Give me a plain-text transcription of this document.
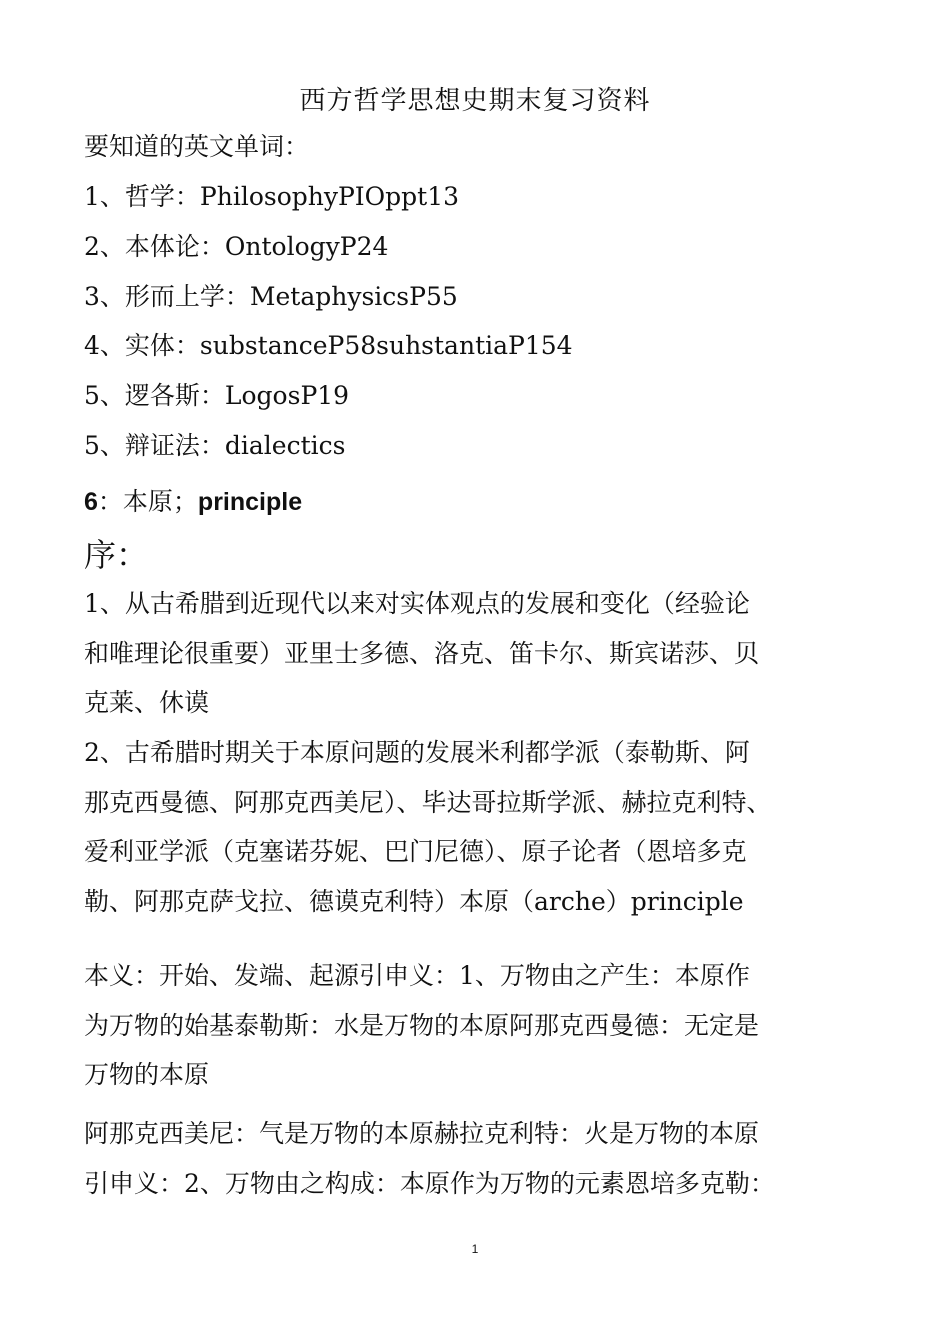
西方哲学思想史期末复习资料
要知道的英文单词：
1、哲学：PhilosophyPIOppt13
2、本体论：OntologyP24
3、形而上学：MetaphysicsP55
4、实体：substanceP58suhstantiaP154
5、逻各斯：LogosP19
5、辩证法：dialectics
6：本原；principle
序：
1、从古希腊到近现代以来对实体观点的发展和变化（经验论
和唯理论很重要）亚里士多德、洛克、笛卡尔、斯宾诺莎、贝
克莱、休谟
2、古希腊时期关于本原问题的发展米利都学派（泰勒斯、阿
那克西曼德、阿那克西美尼）、毕达哥拉斯学派、赫拉克利特、
爱利亚学派（克塞诺芬妮、巴门尼德）、原子论者（恩培多克
勒、阿那克萨戈拉、德谟克利特）本原（arche）principle
本义：开始、发端、起源引申义：1、万物由之产生：本原作
为万物的始基泰勒斯：水是万物的本原阿那克西曼德：无定是
万物的本原
阿那克西美尼：气是万物的本原赫拉克利特：火是万物的本原
引申义：2、万物由之构成：本原作为万物的元素恩培多克勒：
1
